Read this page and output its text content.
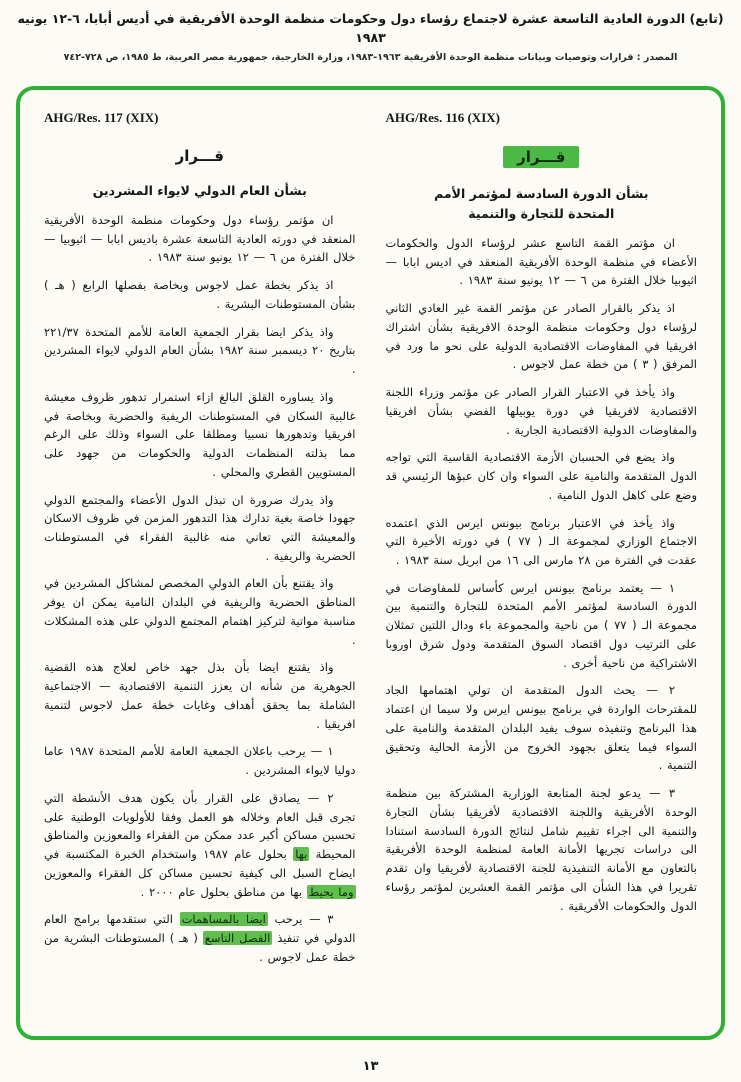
(تابع) الدورة العادية التاسعة عشرة لاجتماع رؤساء دول وحكومات منظمة الوحدة الأفريقية في أديس أبابا، ٦-١٢ يونيه ١٩٨٣
المصدر : قرارات وتوصيات وبيانات منظمة الوحدة الأفريقية ١٩٦٣-١٩٨٣، وزارة الخارجية، جمهورية مصر العربية، ط ١٩٨٥، ص ٧٢٨-٧٤٢
AHG/Res. 116 (XIX)
قـــرار
بشأن الدورة السادسة لمؤتمر الأمم
المتحدة للتجارة والتنمية

ان مؤتمر القمة التاسع عشر لرؤساء الدول والحكومات الأعضاء في منظمة الوحدة الأفريقية المنعقد في اديس ابابا — اثيوبيا خلال الفترة من ٦ — ١٢ يونيو سنة ١٩٨٣ .

اذ يذكر بالقرار الصادر عن مؤتمر القمة غير العادي الثاني لرؤساء دول وحكومات منظمة الوحدة الافريقية بشأن اشتراك افريقيا في المفاوضات الاقتصادية الدولية على نحو ما ورد في المرفق ( ٣ ) من خطة عمل لاجوس .

واذ يأخذ في الاعتبار القرار الصادر عن مؤتمر وزراء اللجنة الاقتصادية لافريقيا في دورة يوبيلها الفضي بشأن افريقيا والمفاوضات الدولية الاقتصادية الجارية .

واذ يضع في الحسبان الأزمة الاقتصادية القاسية التي تواجه الدول المتقدمة والنامية على السواء وان كان عبؤها الرئيسي قد وضع على كاهل الدول النامية .

واذ يأخذ في الاعتبار برنامج بيونس ايرس الذي اعتمده الاجتماع الوزاري لمجموعة الـ ( ٧٧ ) في دورته الأخيرة التي عقدت في الفترة من ٢٨ مارس الى ١٦ من ابريل سنة ١٩٨٣ .

١ — يعتمد برنامج بيونس ايرس كأساس للمفاوضات في الدورة السادسة لمؤتمر الأمم المتحدة للتجارة والتنمية بين مجموعة الـ ( ٧٧ ) من ناحية والمجموعة باء ودال اللتين تمثلان على الترتيب دول اقتصاد السوق المتقدمة ودول شرق اوروبا الاشتراكية من ناحية أخرى .

٢ — يحث الدول المتقدمة ان تولي اهتمامها الجاد للمقترحات الواردة في برنامج بيونس ايرس ولا سيما ان اعتماد هذا البرنامج وتنفيذه سوف يفيد البلدان المتقدمة والنامية على السواء فيما يتعلق بجهود الخروج من الأزمة الحالية وتحقيق التنمية .

٣ — يدعو لجنة المتابعة الوزارية المشتركة بين منظمة الوحدة الأفريقية واللجنة الاقتصادية لأفريقيا بشأن التجارة والتنمية الى اجراء تقييم شامل لنتائج الدورة السادسة استنادا الى دراسات تجريها الأمانة العامة لمنظمة الوحدة الأفريقية بالتعاون مع الأمانة التنفيذية للجنة الاقتصادية لأفريقيا وان تقدم تقريرا في هذا الشأن الى مؤتمر القمة العشرين لمؤتمر رؤساء الدول والحكومات الأفريقية .

AHG/Res. 117 (XIX)
قـــرار
بشأن العام الدولي لايواء المشردين

ان مؤتمر رؤساء دول وحكومات منظمة الوحدة الأفريقية المنعقد في دورته العادية التاسعة عشرة باديس ابابا — اثيوبيا — خلال الفترة من ٦ — ١٢ يونيو سنة ١٩٨٣ .

اذ يذكر بخطة عمل لاجوس وبخاصة بفصلها الرابع ( هـ ) بشأن المستوطنات البشرية .

واذ يذكر ايضا بقرار الجمعية العامة للأمم المتحدة ٢٢١/٣٧ بتاريخ ٢٠ ديسمبر سنة ١٩٨٢ بشأن العام الدولي لايواء المشردين .

واذ يساوره القلق البالغ ازاء استمرار تدهور ظروف معيشة غالبية السكان في المستوطنات الريفية والحضرية وبخاصة في افريقيا وتدهورها نسبيا ومطلقا على السواء وذلك على الرغم مما بذلته المنظمات الدولية والحكومات من جهود على المستويين القطري والمحلي .

واذ يدرك ضرورة ان تبذل الدول الأعضاء والمجتمع الدولي جهودا خاصة بغية تدارك هذا التدهور المزمن في ظروف الاسكان والمعيشة التي تعاني منه غالبية الفقراء في المستوطنات الحضرية والريفية .

واذ يقتنع بأن العام الدولي المخصص لمشاكل المشردين في المناطق الحضرية والريفية في البلدان النامية يمكن ان يوفر مناسبة مواتية لتركيز اهتمام المجتمع الدولي على هذه المشكلات .

واذ يقتنع ايضا بأن بذل جهد خاص لعلاج هذه القضية الجوهرية من شأنه ان يعزز التنمية الاقتصادية — الاجتماعية الشاملة بما يحقق أهداف وغايات خطة عمل لاجوس لتنمية افريقيا .

١ — يرحب باعلان الجمعية العامة للأمم المتحدة ١٩٨٧ عاما دوليا لايواء المشردين .

٢ — يصادق على القرار بأن يكون هدف الأنشطة التي تجرى قبل العام وخلاله هو العمل وفقا للأولويات الوطنية على تحسين مساكن أكبر عدد ممكن من الفقراء والمعوزين والمناطق المحيطة بها بحلول عام ١٩٨٧ واستخدام الخبرة المكتسبة في ايضاح السبل الى كيفية تحسين مساكن كل الفقراء والمعوزين وما يحيط بها من مناطق بحلول عام ٢٠٠٠ .

٣ — يرحب ايضا بالمساهمات التي ستقدمها برامج العام الدولي في تنفيذ الفصل التاسع ( هـ ) المستوطنات البشرية من خطة عمل لاجوس .

١٣
